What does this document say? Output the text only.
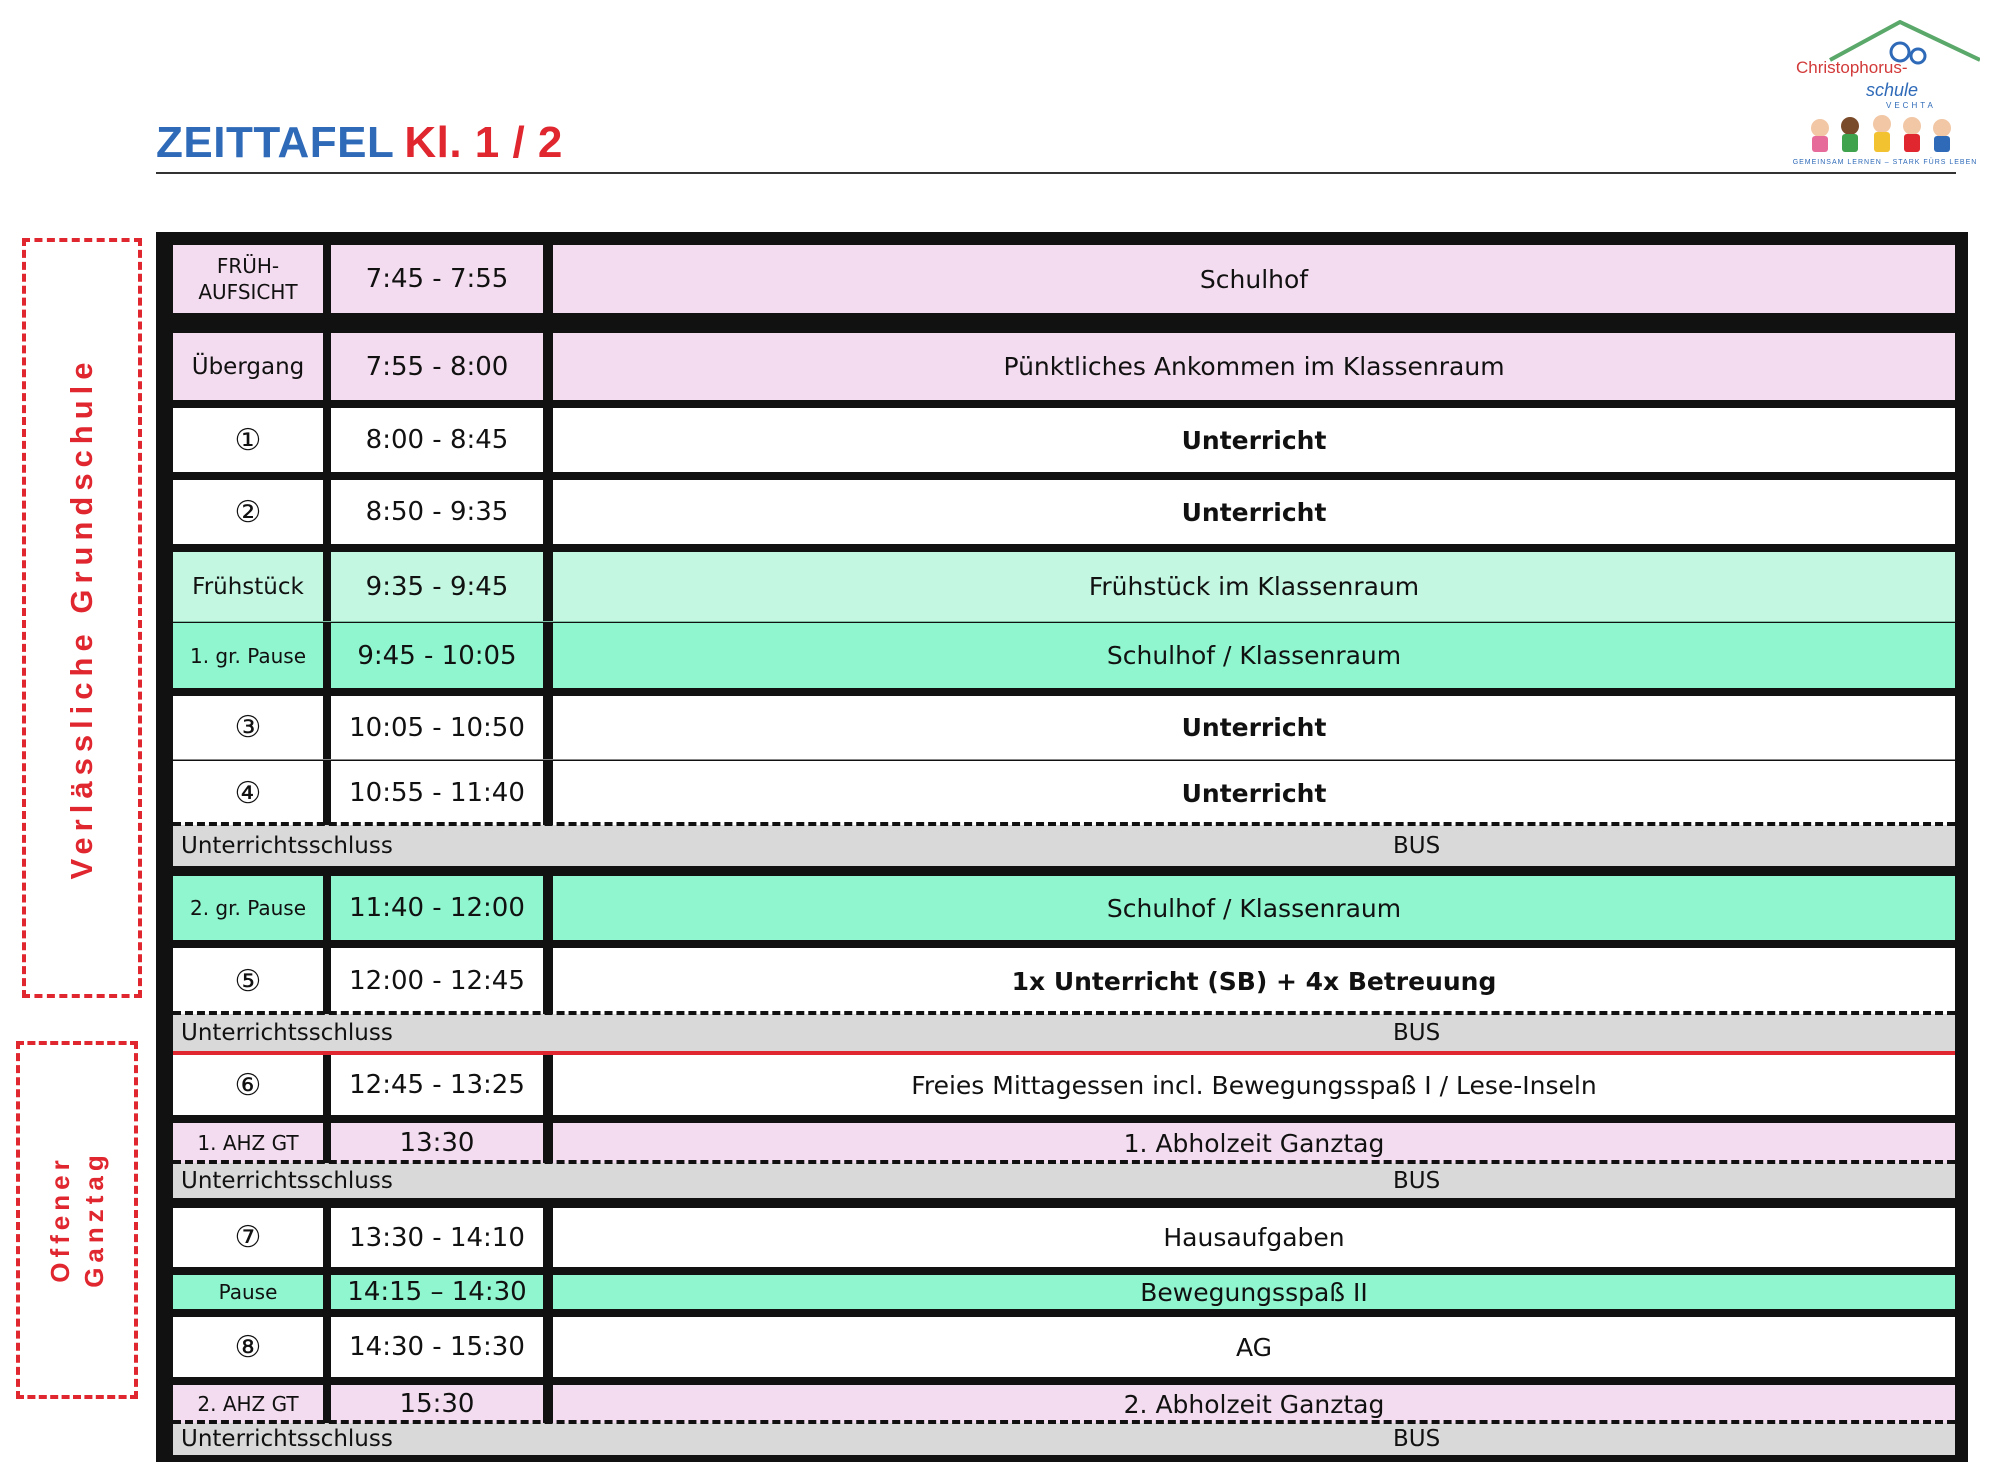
ZEITTAFEL Kl. 1 / 2
Christophorus-
schule
VECHTA
GEMEINSAM LERNEN – STARK FÜRS LEBEN
Verlässliche Grundschule
Offener Ganztag
FRÜH-
AUFSICHT	7:45 - 7:55	Schulhof
Übergang	7:55 - 8:00	Pünktliches Ankommen im Klassenraum
①	8:00 - 8:45	Unterricht
②	8:50 - 9:35	Unterricht
Frühstück	9:35 - 9:45	Frühstück im Klassenraum
1. gr. Pause	9:45 - 10:05	Schulhof / Klassenraum
③	10:05 - 10:50	Unterricht
④	10:55 - 11:40	Unterricht
Unterrichtsschluss	BUS
2. gr. Pause	11:40 - 12:00	Schulhof / Klassenraum
⑤	12:00 - 12:45	1x Unterricht (SB) + 4x Betreuung
Unterrichtsschluss	BUS
⑥	12:45 - 13:25	Freies Mittagessen incl. Bewegungsspaß I / Lese-Inseln
1. AHZ GT	13:30	1. Abholzeit Ganztag
Unterrichtsschluss	BUS
⑦	13:30 - 14:10	Hausaufgaben
Pause	14:15 – 14:30	Bewegungsspaß II
⑧	14:30 - 15:30	AG
2. AHZ GT	15:30	2. Abholzeit Ganztag
Unterrichtsschluss	BUS
